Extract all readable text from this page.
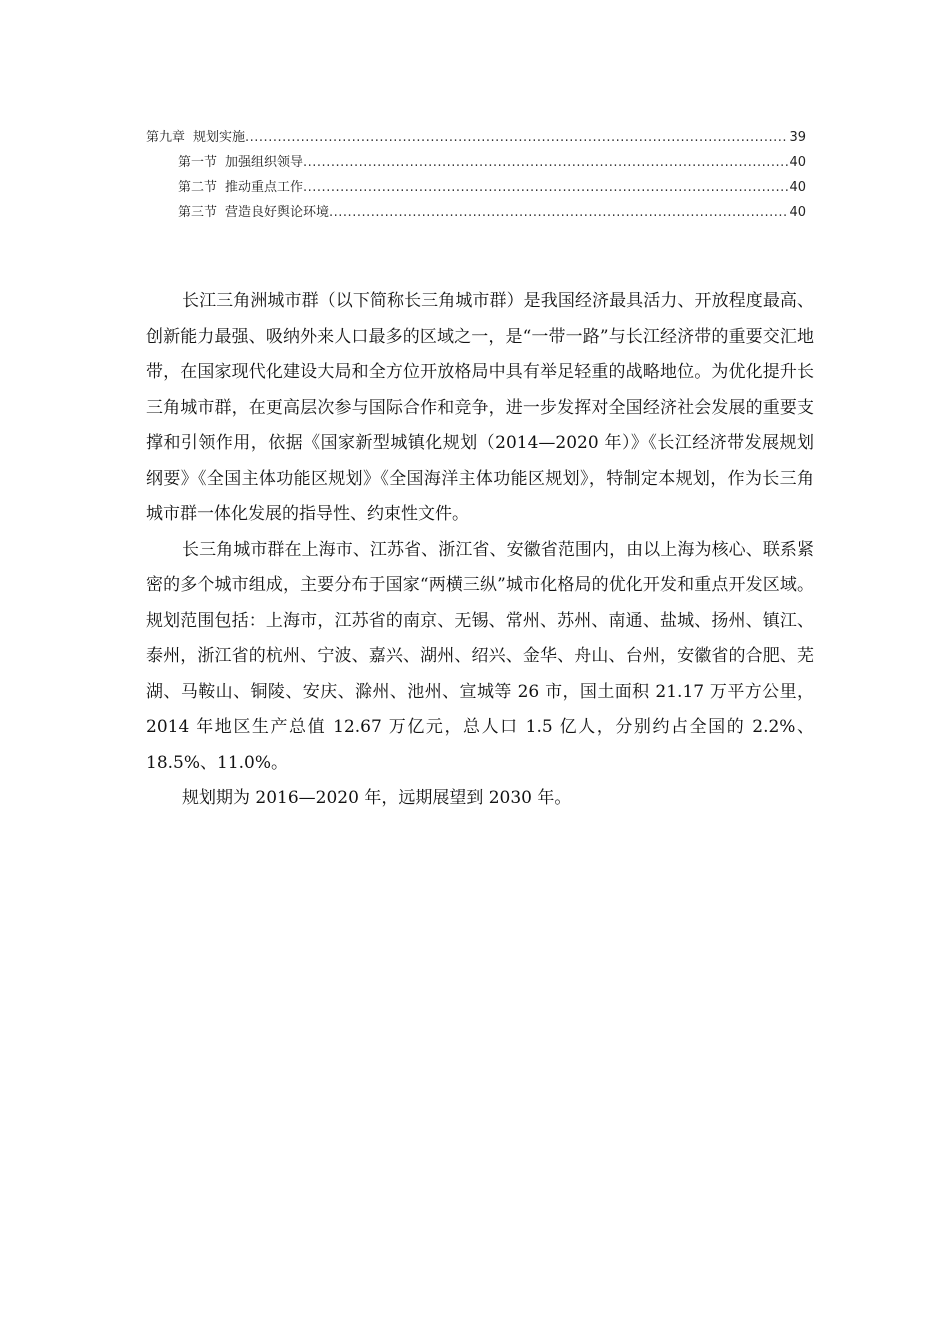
第九章 规划实施 .....	39
第一节 加强组织领导 .....	40
第二节 推动重点工作 .....	40
第三节 营造良好舆论环境 .....	40

长江三角洲城市群（以下简称长三角城市群）是我国经济最具活力、开放程度最高、创新能力最强、吸纳外来人口最多的区域之一，是“一带一路”与长江经济带的重要交汇地带，在国家现代化建设大局和全方位开放格局中具有举足轻重的战略地位。为优化提升长三角城市群，在更高层次参与国际合作和竞争，进一步发挥对全国经济社会发展的重要支撑和引领作用，依据《国家新型城镇化规划（2014—2020 年）》《长江经济带发展规划纲要》《全国主体功能区规划》《全国海洋主体功能区规划》，特制定本规划，作为长三角城市群一体化发展的指导性、约束性文件。

长三角城市群在上海市、江苏省、浙江省、安徽省范围内，由以上海为核心、联系紧密的多个城市组成，主要分布于国家“两横三纵”城市化格局的优化开发和重点开发区域。规划范围包括：上海市，江苏省的南京、无锡、常州、苏州、南通、盐城、扬州、镇江、泰州，浙江省的杭州、宁波、嘉兴、湖州、绍兴、金华、舟山、台州，安徽省的合肥、芜湖、马鞍山、铜陵、安庆、滁州、池州、宣城等 26 市，国土面积 21.17 万平方公里，2014 年地区生产总值 12.67 万亿元，总人口 1.5 亿人，分别约占全国的 2.2%、18.5%、11.0%。

规划期为 2016—2020 年，远期展望到 2030 年。
